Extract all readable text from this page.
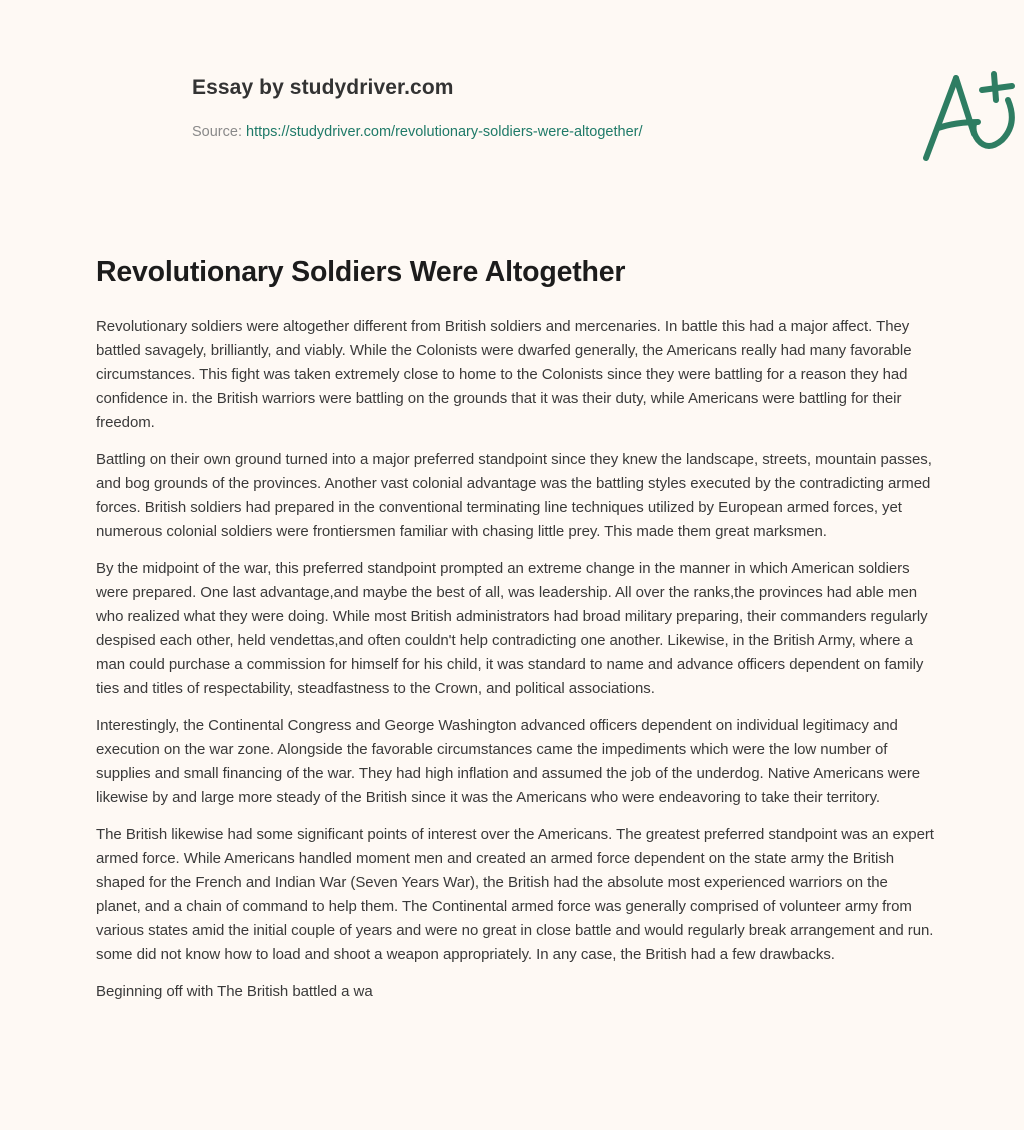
Essay by studydriver.com
Source: https://studydriver.com/revolutionary-soldiers-were-altogether/
Revolutionary Soldiers Were Altogether

Revolutionary soldiers were altogether different from British soldiers and mercenaries. In battle this had a major affect. They battled savagely, brilliantly, and viably. While the Colonists were dwarfed generally, the Americans really had many favorable circumstances. This fight was taken extremely close to home to the Colonists since they were battling for a reason they had confidence in. the British warriors were battling on the grounds that it was their duty, while Americans were battling for their freedom.

Battling on their own ground turned into a major preferred standpoint since they knew the landscape, streets, mountain passes, and bog grounds of the provinces. Another vast colonial advantage was the battling styles executed by the contradicting armed forces. British soldiers had prepared in the conventional terminating line techniques utilized by European armed forces, yet numerous colonial soldiers were frontiersmen familiar with chasing little prey. This made them great marksmen.

By the midpoint of the war, this preferred standpoint prompted an extreme change in the manner in which American soldiers were prepared. One last advantage,and maybe the best of all, was leadership. All over the ranks,the provinces had able men who realized what they were doing. While most British administrators had broad military preparing, their commanders regularly despised each other, held vendettas,and often couldn't help contradicting one another. Likewise, in the British Army, where a man could purchase a commission for himself for his child, it was standard to name and advance officers dependent on family ties and titles of respectability, steadfastness to the Crown, and political associations.

Interestingly, the Continental Congress and George Washington advanced officers dependent on individual legitimacy and execution on the war zone. Alongside the favorable circumstances came the impediments which were the low number of supplies and small financing of the war. They had high inflation and assumed the job of the underdog. Native Americans were likewise by and large more steady of the British since it was the Americans who were endeavoring to take their territory.

The British likewise had some significant points of interest over the Americans. The greatest preferred standpoint was an expert armed force. While Americans handled moment men and created an armed force dependent on the state army the British shaped for the French and Indian War (Seven Years War), the British had the absolute most experienced warriors on the planet, and a chain of command to help them. The Continental armed force was generally comprised of volunteer army from various states amid the initial couple of years and were no great in close battle and would regularly break arrangement and run. some did not know how to load and shoot a weapon appropriately. In any case, the British had a few drawbacks.

Beginning off with The British battled a wa
